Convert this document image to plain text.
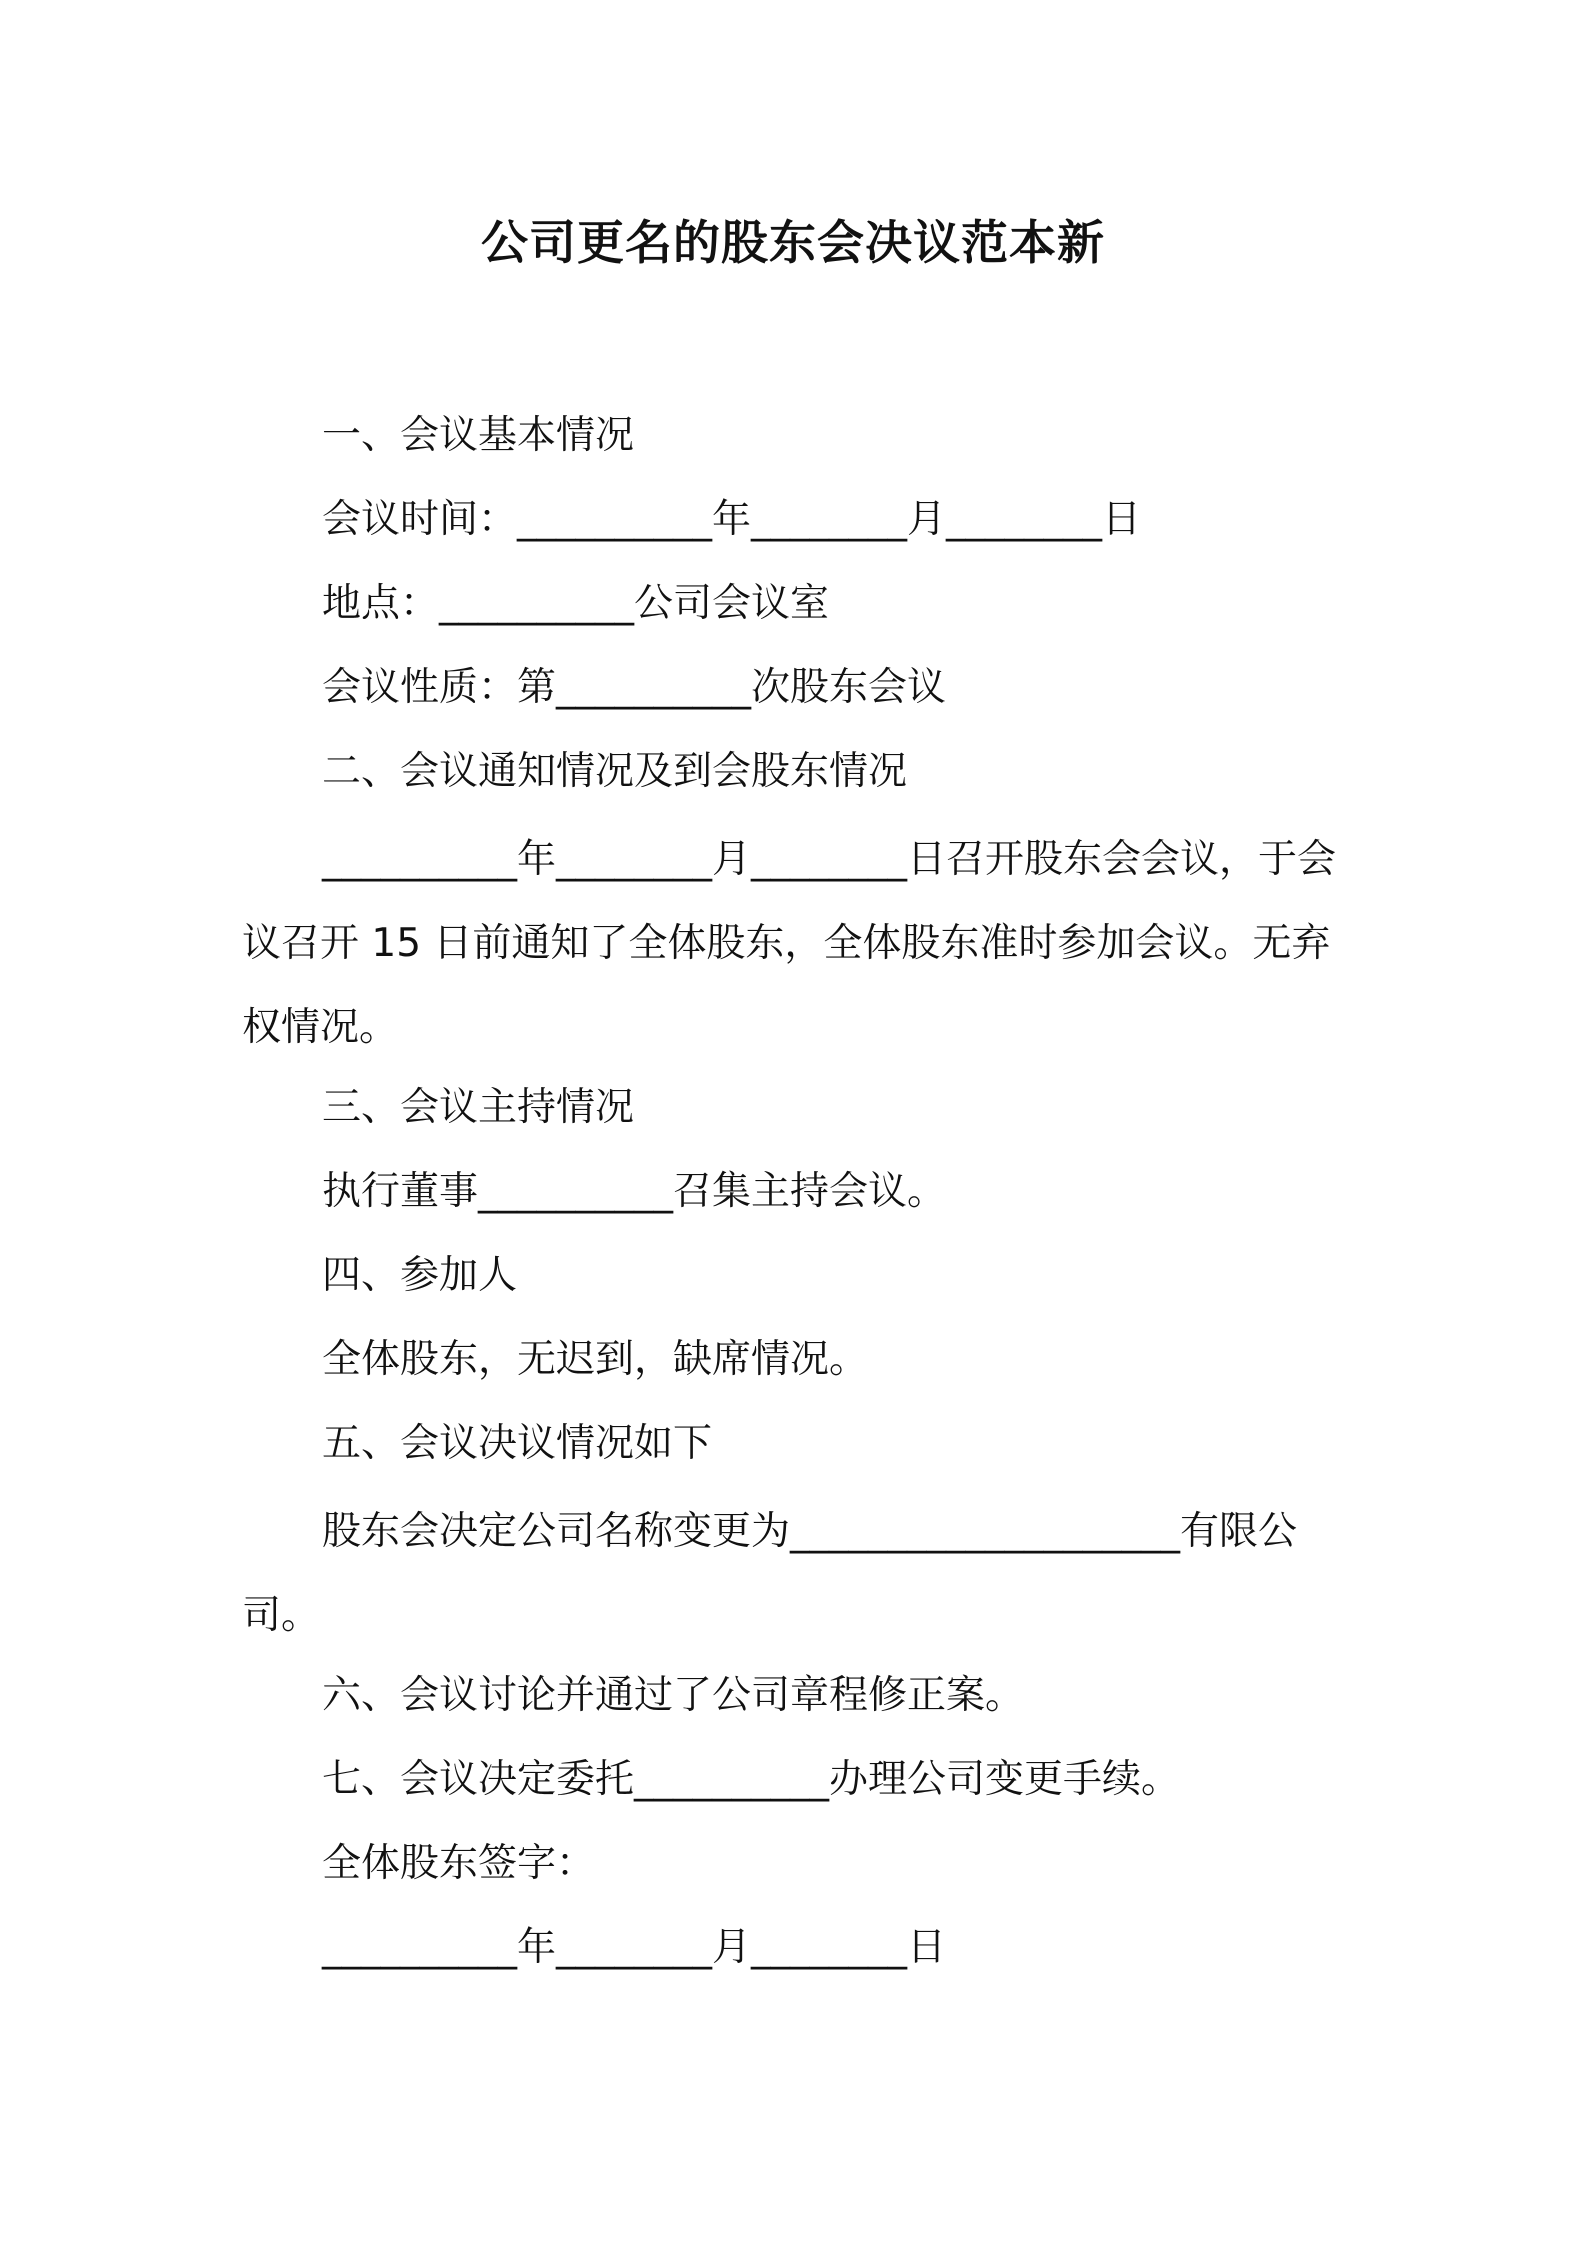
公司更名的股东会决议范本新

一、会议基本情况

会议时间：__________年________月________日

地点：__________公司会议室

会议性质：第__________次股东会议

二、会议通知情况及到会股东情况

__________年________月________日召开股东会会议，于会议召开 15 日前通知了全体股东，全体股东准时参加会议。无弃权情况。

三、会议主持情况

执行董事__________召集主持会议。

四、参加人

全体股东，无迟到，缺席情况。

五、会议决议情况如下

股东会决定公司名称变更为____________________有限公司。

六、会议讨论并通过了公司章程修正案。

七、会议决定委托__________办理公司变更手续。

全体股东签字：

__________年________月________日
